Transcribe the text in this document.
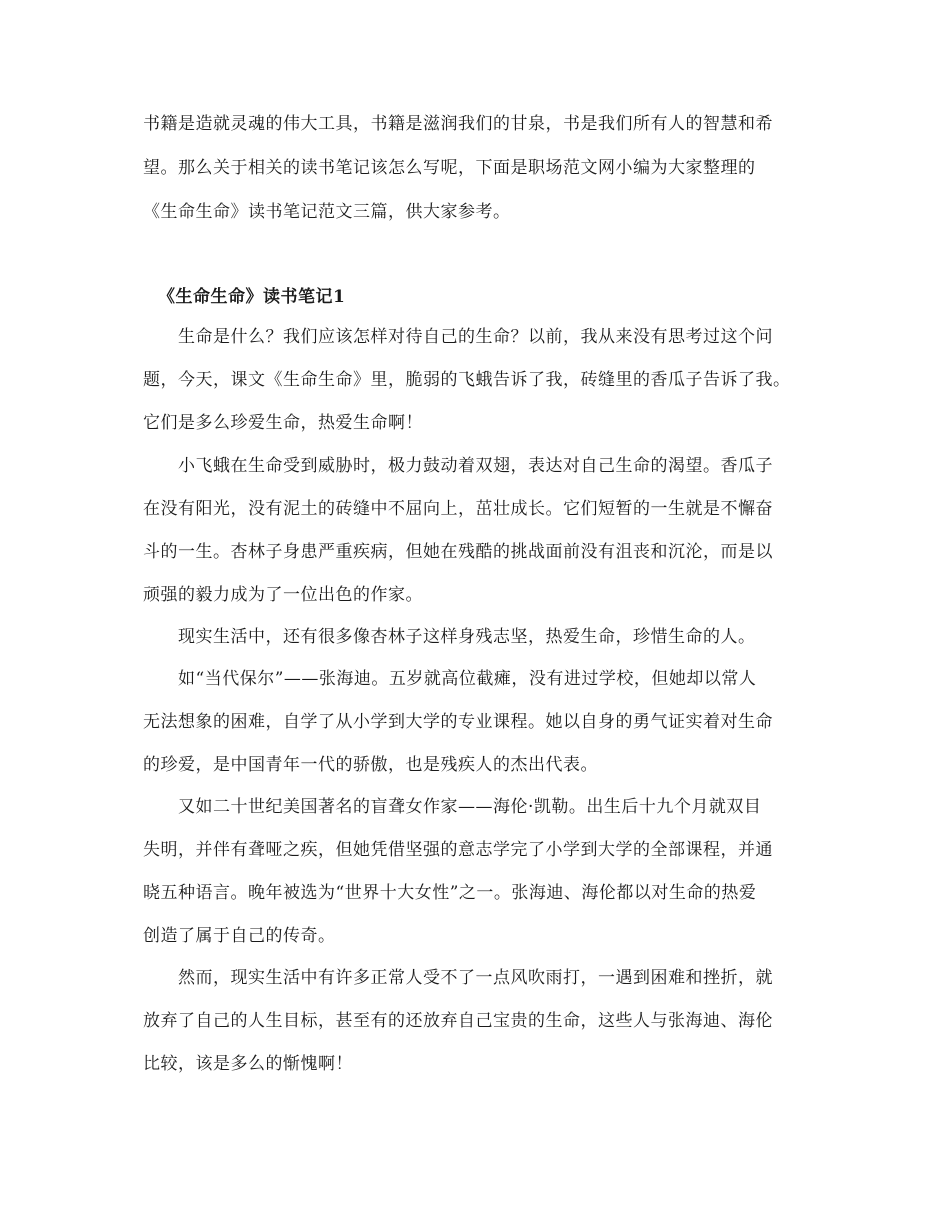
书籍是造就灵魂的伟大工具，书籍是滋润我们的甘泉，书是我们所有人的智慧和希
望。那么关于相关的读书笔记该怎么写呢，下面是职场范文网小编为大家整理的
《生命生命》读书笔记范文三篇，供大家参考。
《生命生命》读书笔记1
生命是什么？我们应该怎样对待自己的生命？以前，我从来没有思考过这个问
题，今天，课文《生命生命》里，脆弱的飞蛾告诉了我，砖缝里的香瓜子告诉了我。
它们是多么珍爱生命，热爱生命啊！
小飞蛾在生命受到威胁时，极力鼓动着双翅，表达对自己生命的渴望。香瓜子
在没有阳光，没有泥土的砖缝中不屈向上，茁壮成长。它们短暂的一生就是不懈奋
斗的一生。杏林子身患严重疾病，但她在残酷的挑战面前没有沮丧和沉沦，而是以
顽强的毅力成为了一位出色的作家。
现实生活中，还有很多像杏林子这样身残志坚，热爱生命，珍惜生命的人。
如“当代保尔”——张海迪。五岁就高位截瘫，没有进过学校，但她却以常人
无法想象的困难，自学了从小学到大学的专业课程。她以自身的勇气证实着对生命
的珍爱，是中国青年一代的骄傲，也是残疾人的杰出代表。
又如二十世纪美国著名的盲聋女作家——海伦·凯勒。出生后十九个月就双目
失明，并伴有聋哑之疾，但她凭借坚强的意志学完了小学到大学的全部课程，并通
晓五种语言。晚年被选为“世界十大女性”之一。张海迪、海伦都以对生命的热爱
创造了属于自己的传奇。
然而，现实生活中有许多正常人受不了一点风吹雨打，一遇到困难和挫折，就
放弃了自己的人生目标，甚至有的还放弃自己宝贵的生命，这些人与张海迪、海伦
比较，该是多么的惭愧啊！
